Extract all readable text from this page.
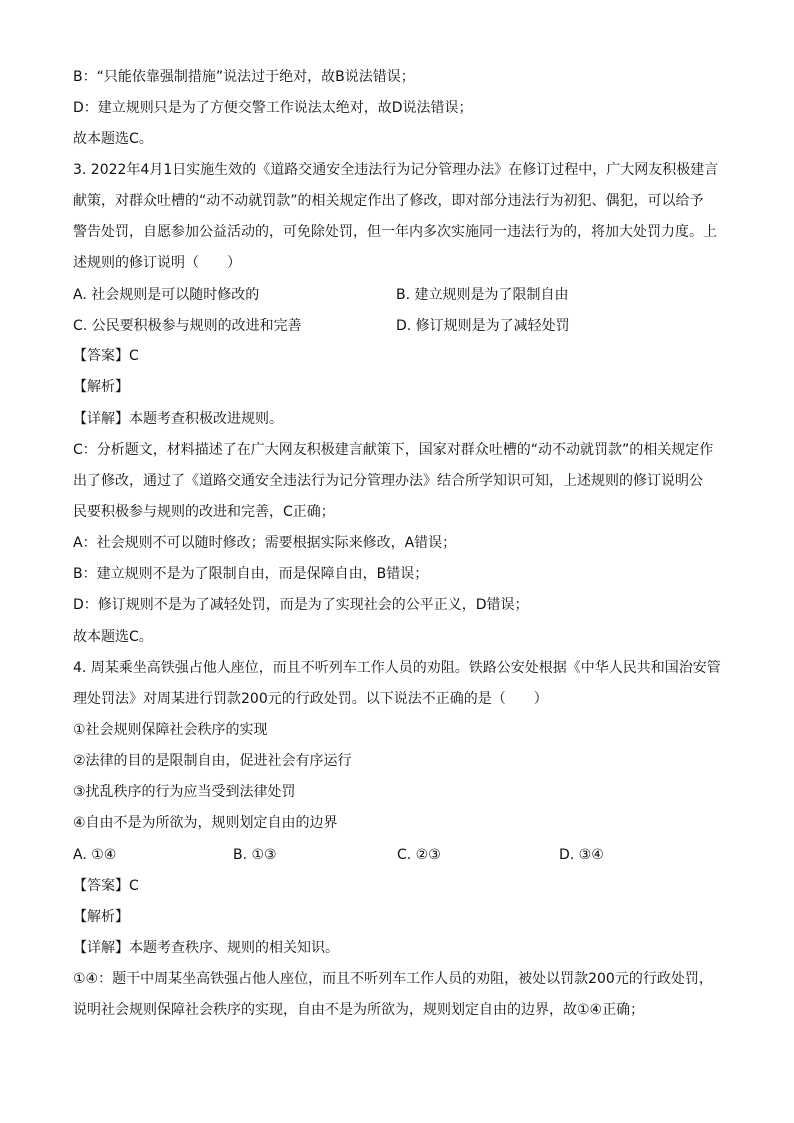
B：“只能依靠强制措施”说法过于绝对，故B说法错误；
D：建立规则只是为了方便交警工作说法太绝对，故D说法错误；
故本题选C。
3. 2022年4月1日实施生效的《道路交通安全违法行为记分管理办法》在修订过程中，广大网友积极建言
献策，对群众吐槽的“动不动就罚款”的相关规定作出了修改，即对部分违法行为初犯、偶犯，可以给予
警告处罚，自愿参加公益活动的，可免除处罚，但一年内多次实施同一违法行为的，将加大处罚力度。上
述规则的修订说明（　　）
A. 社会规则是可以随时修改的	B. 建立规则是为了限制自由
C. 公民要积极参与规则的改进和完善	D. 修订规则是为了减轻处罚
【答案】C
【解析】
【详解】本题考查积极改进规则。
C：分析题文，材料描述了在广大网友积极建言献策下，国家对群众吐槽的“动不动就罚款”的相关规定作
出了修改，通过了《道路交通安全违法行为记分管理办法》结合所学知识可知，上述规则的修订说明公
民要积极参与规则的改进和完善，C正确；
A：社会规则不可以随时修改；需要根据实际来修改，A错误；
B：建立规则不是为了限制自由，而是保障自由，B错误；
D：修订规则不是为了减轻处罚，而是为了实现社会的公平正义，D错误；
故本题选C。
4. 周某乘坐高铁强占他人座位，而且不听列车工作人员的劝阻。铁路公安处根据《中华人民共和国治安管
理处罚法》对周某进行罚款200元的行政处罚。以下说法不正确的是（　　）
①社会规则保障社会秩序的实现
②法律的目的是限制自由，促进社会有序运行
③扰乱秩序的行为应当受到法律处罚
④自由不是为所欲为，规则划定自由的边界
A. ①④	B. ①③	C. ②③	D. ③④
【答案】C
【解析】
【详解】本题考查秩序、规则的相关知识。
①④：题干中周某坐高铁强占他人座位，而且不听列车工作人员的劝阻，被处以罚款200元的行政处罚，
说明社会规则保障社会秩序的实现，自由不是为所欲为，规则划定自由的边界，故①④正确；
